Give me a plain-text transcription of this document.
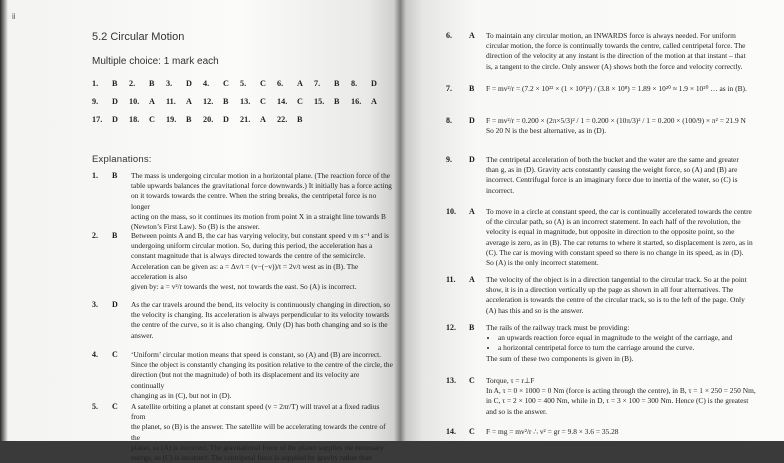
ii
5.2 Circular Motion
Multiple choice: 1 mark each
1. B 2. B 3. D 4. C 5. C 6. A 7. B 8. D
9. D 10. A 11. A 12. B 13. C 14. C 15. B 16. A
17. D 18. C 19. B 20. D 21. A 22. B
Explanations:
1. B The mass is undergoing circular motion in a horizontal plane. (The reaction force of the

table upwards balances the gravitational force downwards.) It initially has a force acting

on it towards towards the centre. When the string breaks, the centripetal force is no longer

acting on the mass, so it continues its motion from point X in a straight line towards B

(Newton’s First Law). So (B) is the answer.

2. B Between points A and B, the car has varying velocity, but constant speed v m s⁻¹ and is

undergoing uniform circular motion. So, during this period, the acceleration has a

constant magnitude that is always directed towards the centre of the semicircle.

Acceleration can be given as: a = Δv/t = (v−(−v))/t = 2v/t west as in (B). The acceleration is also

given by: a = v²/r towards the west, not towards the east. So (A) is incorrect.

3. D As the car travels around the bend, its velocity is continuously changing in direction, so

the velocity is changing. Its acceleration is always perpendicular to its velocity towards

the centre of the curve, so it is also changing. Only (D) has both changing and so is the

answer.

4. C ‘Uniform’ circular motion means that speed is constant, so (A) and (B) are incorrect.

Since the object is constantly changing its position relative to the centre of the circle, the

direction (but not the magnitude) of both its displacement and its velocity are continually

changing as in (C), but not in (D).

5. C A satellite orbiting a planet at constant speed (v = 2πr/T) will travel at a fixed radius from

the planet, so (B) is the answer. The satellite will be accelerating towards the centre of the

planet, so (A) is incorrect. The gravitational force of the planet supplies the necessary

energy, so (C) is incorrect. The centripetal force is supplied by gravity rather than

6. A To maintain any circular motion, an INWARDS force is always needed. For uniform

circular motion, the force is continually towards the centre, called centripetal force. The

direction of the velocity at any instant is the direction of the motion at that instant – that

is, a tangent to the circle. Only answer (A) shows both the force and velocity correctly.

7. B F = mv²/r = (7.2 × 10²² × (1 × 10³)²) / (3.8 × 10⁸) = 1.89 × 10²⁰ ≈ 1.9 × 10²⁰ … as in (B).

8. D F = mv²/r = 0.200 × (2π×5/3)² / 1 = 0.200 × (10π/3)² / 1 = 0.200 × (100/9) × π² = 21.9 N

So 20 N is the best alternative, as in (D).

9. D The centripetal acceleration of both the bucket and the water are the same and greater

than g, as in (D). Gravity acts constantly causing the weight force, so (A) and (B) are

incorrect. Centrifugal force is an imaginary force due to inertia of the water, so (C) is

incorrect.

10. A To move in a circle at constant speed, the car is continually accelerated towards the centre

of the circular path, so (A) is an incorrect statement. In each half of the revolution, the

velocity is equal in magnitude, but opposite in direction to the opposite point, so the

average is zero, as in (B). The car returns to where it started, so displacement is zero, as in

(C). The car is moving with constant speed so there is no change in its speed, as in (D).

So (A) is the only incorrect statement.

11. A The velocity of the object is in a direction tangential to the circular track. So at the point

show, it is in a direction vertically up the page as shown in all four alternatives. The

acceleration is towards the centre of the circular track, so is to the left of the page. Only

(A) has this and so is the answer.

12. B The rails of the railway track must be providing:

• an upwards reaction force equal in magnitude to the weight of the carriage, and
• a horizontal centripetal force to turn the carriage around the curve.

The sum of these two components is given in (B).

13. C Torque, τ = r⊥F

In A, τ = 0 × 1000 = 0 Nm (force is acting through the centre), in B, τ = 1 × 250 = 250 Nm,

in C, τ = 2 × 100 = 400 Nm, while in D, τ = 3 × 100 = 300 Nm. Hence (C) is the greatest

and so is the answer.

14. C F = mg = mv²/r ∴ v² = gr = 9.8 × 3.6 = 35.28
